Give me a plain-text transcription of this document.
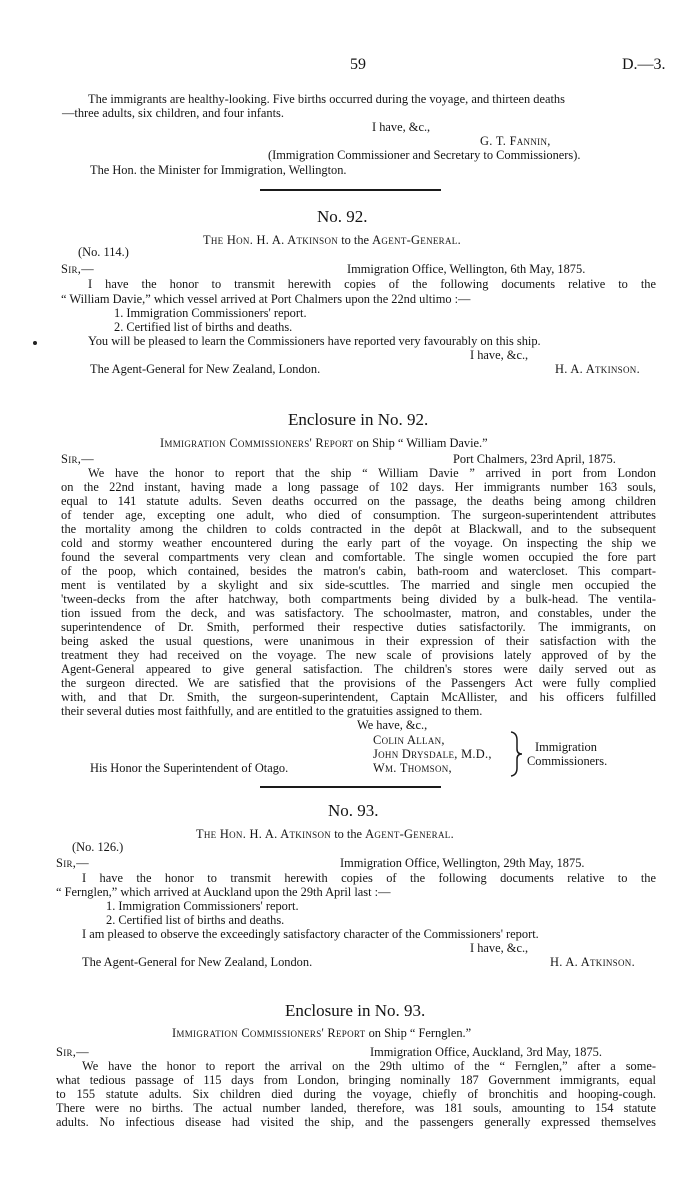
59	D.—3.
The immigrants are healthy-looking. Five births occurred during the voyage, and thirteen deaths
—three adults, six children, and four infants.
I have, &c.,
G. T. Fannin,
(Immigration Commissioner and Secretary to Commissioners).
The Hon. the Minister for Immigration, Wellington.
No. 92.
The Hon. H. A. Atkinson to the Agent-General.
(No. 114.)
Sir,—	Immigration Office, Wellington, 6th May, 1875.
I have the honor to transmit herewith copies of the following documents relative to the
“ William Davie,” which vessel arrived at Port Chalmers upon the 22nd ultimo :—
1. Immigration Commissioners' report.
2. Certified list of births and deaths.
You will be pleased to learn the Commissioners have reported very favourably on this ship.
I have, &c.,
The Agent-General for New Zealand, London.	H. A. Atkinson.
Enclosure in No. 92.
Immigration Commissioners' Report on Ship “ William Davie.”
Sir,—	Port Chalmers, 23rd April, 1875.
We have the honor to report that the ship “ William Davie ” arrived in port from London
on the 22nd instant, having made a long passage of 102 days. Her immigrants number 163 souls,
equal to 141 statute adults. Seven deaths occurred on the passage, the deaths being among children
of tender age, excepting one adult, who died of consumption. The surgeon-superintendent attributes
the mortality among the children to colds contracted in the depôt at Blackwall, and to the subsequent
cold and stormy weather encountered during the early part of the voyage. On inspecting the ship we
found the several compartments very clean and comfortable. The single women occupied the fore part
of the poop, which contained, besides the matron's cabin, bath-room and watercloset. This compart-
ment is ventilated by a skylight and six side-scuttles. The married and single men occupied the
'tween-decks from the after hatchway, both compartments being divided by a bulk-head. The ventila-
tion issued from the deck, and was satisfactory. The schoolmaster, matron, and constables, under the
superintendence of Dr. Smith, performed their respective duties satisfactorily. The immigrants, on
being asked the usual questions, were unanimous in their expression of their satisfaction with the
treatment they had received on the voyage. The new scale of provisions lately approved of by the
Agent-General appeared to give general satisfaction. The children's stores were daily served out as
the surgeon directed. We are satisfied that the provisions of the Passengers Act were fully complied
with, and that Dr. Smith, the surgeon-superintendent, Captain McAllister, and his officers fulfilled
their several duties most faithfully, and are entitled to the gratuities assigned to them.
We have, &c.,
Colin Allan,
John Drysdale, M.D.,
Wm. Thomson,
Immigration
Commissioners.
His Honor the Superintendent of Otago.
No. 93.
The Hon. H. A. Atkinson to the Agent-General.
(No. 126.)
Sir,—	Immigration Office, Wellington, 29th May, 1875.
I have the honor to transmit herewith copies of the following documents relative to the
“ Fernglen,” which arrived at Auckland upon the 29th April last :—
1. Immigration Commissioners' report.
2. Certified list of births and deaths.
I am pleased to observe the exceedingly satisfactory character of the Commissioners' report.
I have, &c.,
The Agent-General for New Zealand, London.	H. A. Atkinson.
Enclosure in No. 93.
Immigration Commissioners' Report on Ship “ Fernglen.”
Sir,—	Immigration Office, Auckland, 3rd May, 1875.
We have the honor to report the arrival on the 29th ultimo of the “ Fernglen,” after a some-
what tedious passage of 115 days from London, bringing nominally 187 Government immigrants, equal
to 155 statute adults. Six children died during the voyage, chiefly of bronchitis and hooping-cough.
There were no births. The actual number landed, therefore, was 181 souls, amounting to 154 statute
adults. No infectious disease had visited the ship, and the passengers generally expressed themselves
